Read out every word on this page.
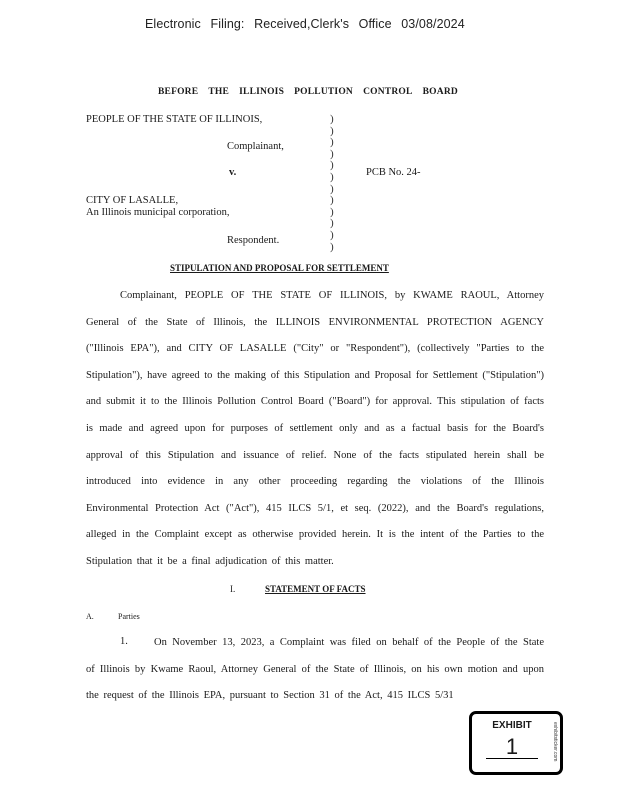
Electronic Filing: Received,Clerk's Office 03/08/2024
BEFORE THE ILLINOIS POLLUTION CONTROL BOARD
PEOPLE OF THE STATE OF ILLINOIS,
Complainant,
v.	PCB No. 24-
CITY OF LASALLE,
An Illinois municipal corporation,
Respondent.
)
)
)
)
)
)
)
)
)
)
)
)
STIPULATION AND PROPOSAL FOR SETTLEMENT
Complainant, PEOPLE OF THE STATE OF ILLINOIS, by KWAME RAOUL, Attorney General of the State of Illinois, the ILLINOIS ENVIRONMENTAL PROTECTION AGENCY ("Illinois EPA"), and CITY OF LASALLE ("City" or "Respondent"), (collectively "Parties to the Stipulation"), have agreed to the making of this Stipulation and Proposal for Settlement ("Stipulation") and submit it to the Illinois Pollution Control Board ("Board") for approval. This stipulation of facts is made and agreed upon for purposes of settlement only and as a factual basis for the Board's approval of this Stipulation and issuance of relief. None of the facts stipulated herein shall be introduced into evidence in any other proceeding regarding the violations of the Illinois Environmental Protection Act ("Act"), 415 ILCS 5/1, et seq. (2022), and the Board's regulations, alleged in the Complaint except as otherwise provided herein. It is the intent of the Parties to the Stipulation that it be a final adjudication of this matter.
I.	STATEMENT OF FACTS
A.	Parties
1.	On November 13, 2023, a Complaint was filed on behalf of the People of the State of Illinois by Kwame Raoul, Attorney General of the State of Illinois, on his own motion and upon the request of the Illinois EPA, pursuant to Section 31 of the Act, 415 ILCS 5/31
EXHIBIT
1	exhibitsticker.com
